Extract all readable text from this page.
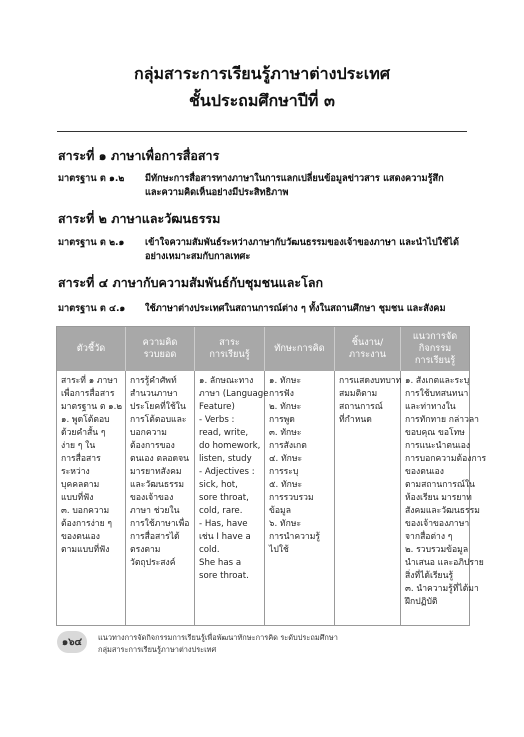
กลุ่มสาระการเรียนรู้ภาษาต่างประเทศ
ชั้นประถมศึกษาปีที่ ๓
สาระที่ ๑ ภาษาเพื่อการสื่อสาร
มาตรฐาน ต ๑.๒ มีทักษะการสื่อสารทางภาษาในการแลกเปลี่ยนข้อมูลข่าวสาร แสดงความรู้สึก
และความคิดเห็นอย่างมีประสิทธิภาพ
สาระที่ ๒ ภาษาและวัฒนธรรม
มาตรฐาน ต ๒.๑ เข้าใจความสัมพันธ์ระหว่างภาษากับวัฒนธรรมของเจ้าของภาษา และนำไปใช้ได้
อย่างเหมาะสมกับกาลเทศะ
สาระที่ ๔ ภาษากับความสัมพันธ์กับชุมชนและโลก
มาตรฐาน ต ๔.๑ ใช้ภาษาต่างประเทศในสถานการณ์ต่าง ๆ ทั้งในสถานศึกษา ชุมชน และสังคม
ตัวชี้วัด
สาระที่ ๑ ภาษา
เพื่อการสื่อสาร
มาตรฐาน ต ๑.๒
๑. พูดโต้ตอบ
ด้วยคำสั้น ๆ
ง่าย ๆ ใน
การสื่อสาร
ระหว่าง
บุคคลตาม
แบบที่ฟัง
๓. บอกความ
ต้องการง่าย ๆ
ของตนเอง
ตามแบบที่ฟัง
ความคิด
รวบยอด
การรู้คำศัพท์
สำนวนภาษา
ประโยคที่ใช้ใน
การโต้ตอบและ
บอกความ
ต้องการของ
ตนเอง ตลอดจน
มารยาทสังคม
และวัฒนธรรม
ของเจ้าของ
ภาษา ช่วยใน
การใช้ภาษาเพื่อ
การสื่อสารได้
ตรงตาม
วัตถุประสงค์
สาระ
การเรียนรู้
๑. ลักษณะทาง
ภาษา (Language
Feature)
- Verbs :
read, write,
do homework,
listen, study
- Adjectives :
sick, hot,
sore throat,
cold, rare.
- Has, have
เช่น I have a
cold.
She has a
sore throat.
ทักษะการคิด
๑. ทักษะ
การฟัง
๒. ทักษะ
การพูด
๓. ทักษะ
การสังเกต
๔. ทักษะ
การระบุ
๕. ทักษะ
การรวบรวม
ข้อมูล
๖. ทักษะ
การนำความรู้
ไปใช้
ชิ้นงาน/
ภาระงาน
การแสดงบทบาท
สมมติตาม
สถานการณ์
ที่กำหนด
แนวการจัดกิจกรรม
การเรียนรู้
๑. สังเกตและระบุ
การใช้บทสนทนา
และท่าทางใน
การทักทาย กล่าวลา
ขอบคุณ ขอโทษ
การแนะนำตนเอง
การบอกความต้องการ
ของตนเอง
ตามสถานการณ์ใน
ห้องเรียน มารยาท
สังคมและวัฒนธรรม
ของเจ้าของภาษา
จากสื่อต่าง ๆ
๒. รวบรวมข้อมูล
นำเสนอ และอภิปราย
สิ่งที่ได้เรียนรู้
๓. นำความรู้ที่ได้มา
ฝึกปฏิบัติ
๑๖๔	แนวทางการจัดกิจกรรมการเรียนรู้เพื่อพัฒนาทักษะการคิด ระดับประถมศึกษา
กลุ่มสาระการเรียนรู้ภาษาต่างประเทศ
